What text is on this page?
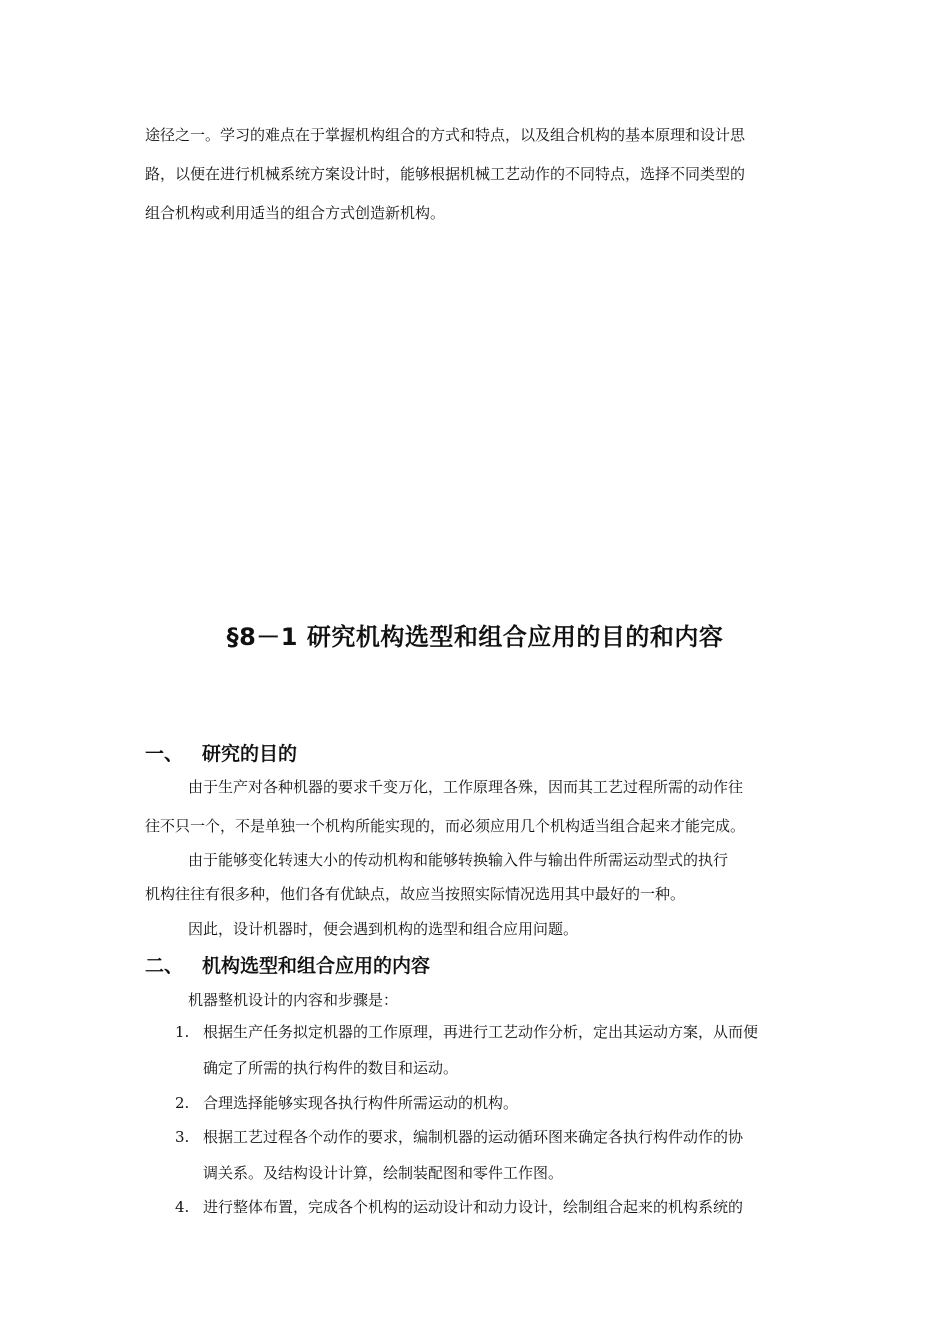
途径之一。学习的难点在于掌握机构组合的方式和特点，以及组合机构的基本原理和设计思
路，以便在进行机械系统方案设计时，能够根据机械工艺动作的不同特点，选择不同类型的
组合机构或利用适当的组合方式创造新机构。
§8－1 研究机构选型和组合应用的目的和内容
一、 研究的目的
由于生产对各种机器的要求千变万化，工作原理各殊，因而其工艺过程所需的动作往
往不只一个，不是单独一个机构所能实现的，而必须应用几个机构适当组合起来才能完成。
由于能够变化转速大小的传动机构和能够转换输入件与输出件所需运动型式的执行
机构往往有很多种，他们各有优缺点，故应当按照实际情况选用其中最好的一种。
因此，设计机器时，便会遇到机构的选型和组合应用问题。
二、 机构选型和组合应用的内容
机器整机设计的内容和步骤是：
1. 根据生产任务拟定机器的工作原理，再进行工艺动作分析，定出其运动方案，从而便
确定了所需的执行构件的数目和运动。
2. 合理选择能够实现各执行构件所需运动的机构。
3. 根据工艺过程各个动作的要求，编制机器的运动循环图来确定各执行构件动作的协
调关系。及结构设计计算，绘制装配图和零件工作图。
4. 进行整体布置，完成各个机构的运动设计和动力设计，绘制组合起来的机构系统的
